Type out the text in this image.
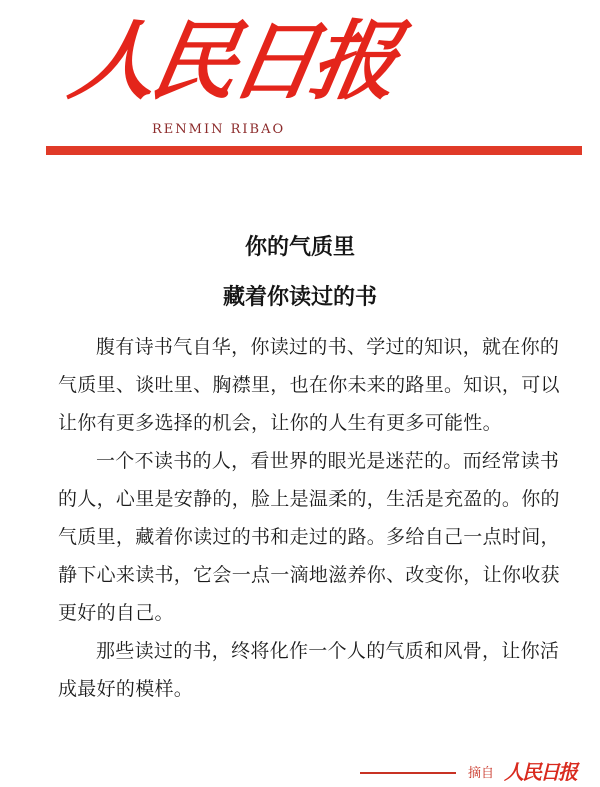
人民日报
RENMIN RIBAO
你的气质里
藏着你读过的书

腹有诗书气自华，你读过的书、学过的知识，就在你的气质里、谈吐里、胸襟里，也在你未来的路里。知识，可以让你有更多选择的机会，让你的人生有更多可能性。

一个不读书的人，看世界的眼光是迷茫的。而经常读书的人，心里是安静的，脸上是温柔的，生活是充盈的。你的气质里，藏着你读过的书和走过的路。多给自己一点时间，静下心来读书，它会一点一滴地滋养你、改变你，让你收获更好的自己。

那些读过的书，终将化作一个人的气质和风骨，让你活成最好的模样。

摘自 人民日报
